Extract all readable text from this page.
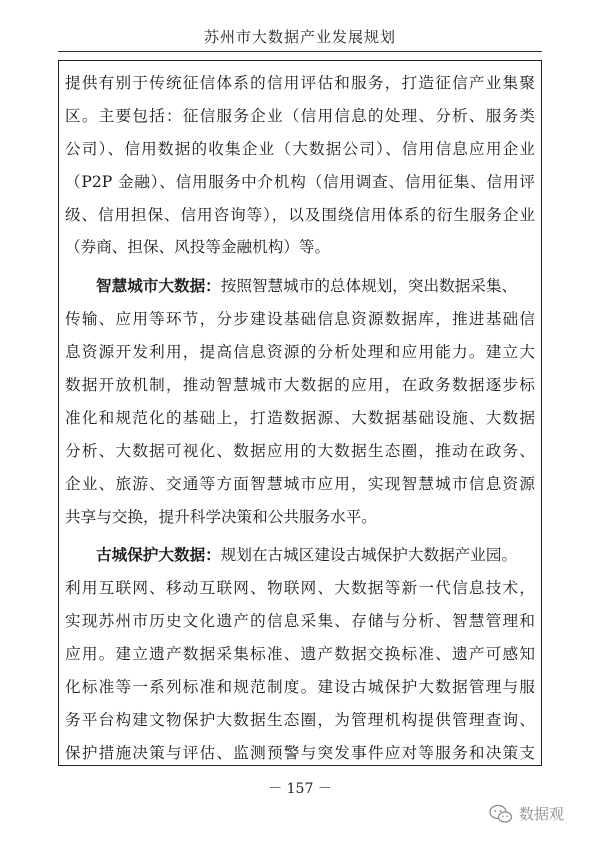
苏州市大数据产业发展规划
提供有别于传统征信体系的信用评估和服务，打造征信产业集聚
区。主要包括：征信服务企业（信用信息的处理、分析、服务类
公司）、信用数据的收集企业（大数据公司）、信用信息应用企业
（P2P 金融）、信用服务中介机构（信用调查、信用征集、信用评
级、信用担保、信用咨询等），以及围绕信用体系的衍生服务企业
（券商、担保、风投等金融机构）等。
智慧城市大数据：按照智慧城市的总体规划，突出数据采集、
传输、应用等环节，分步建设基础信息资源数据库，推进基础信
息资源开发利用，提高信息资源的分析处理和应用能力。建立大
数据开放机制，推动智慧城市大数据的应用，在政务数据逐步标
准化和规范化的基础上，打造数据源、大数据基础设施、大数据
分析、大数据可视化、数据应用的大数据生态圈，推动在政务、
企业、旅游、交通等方面智慧城市应用，实现智慧城市信息资源
共享与交换，提升科学决策和公共服务水平。
古城保护大数据：规划在古城区建设古城保护大数据产业园。
利用互联网、移动互联网、物联网、大数据等新一代信息技术，
实现苏州市历史文化遗产的信息采集、存储与分析、智慧管理和
应用。建立遗产数据采集标准、遗产数据交换标准、遗产可感知
化标准等一系列标准和规范制度。建设古城保护大数据管理与服
务平台构建文物保护大数据生态圈，为管理机构提供管理查询、
保护措施决策与评估、监测预警与突发事件应对等服务和决策支
－ 157 －
数据观
